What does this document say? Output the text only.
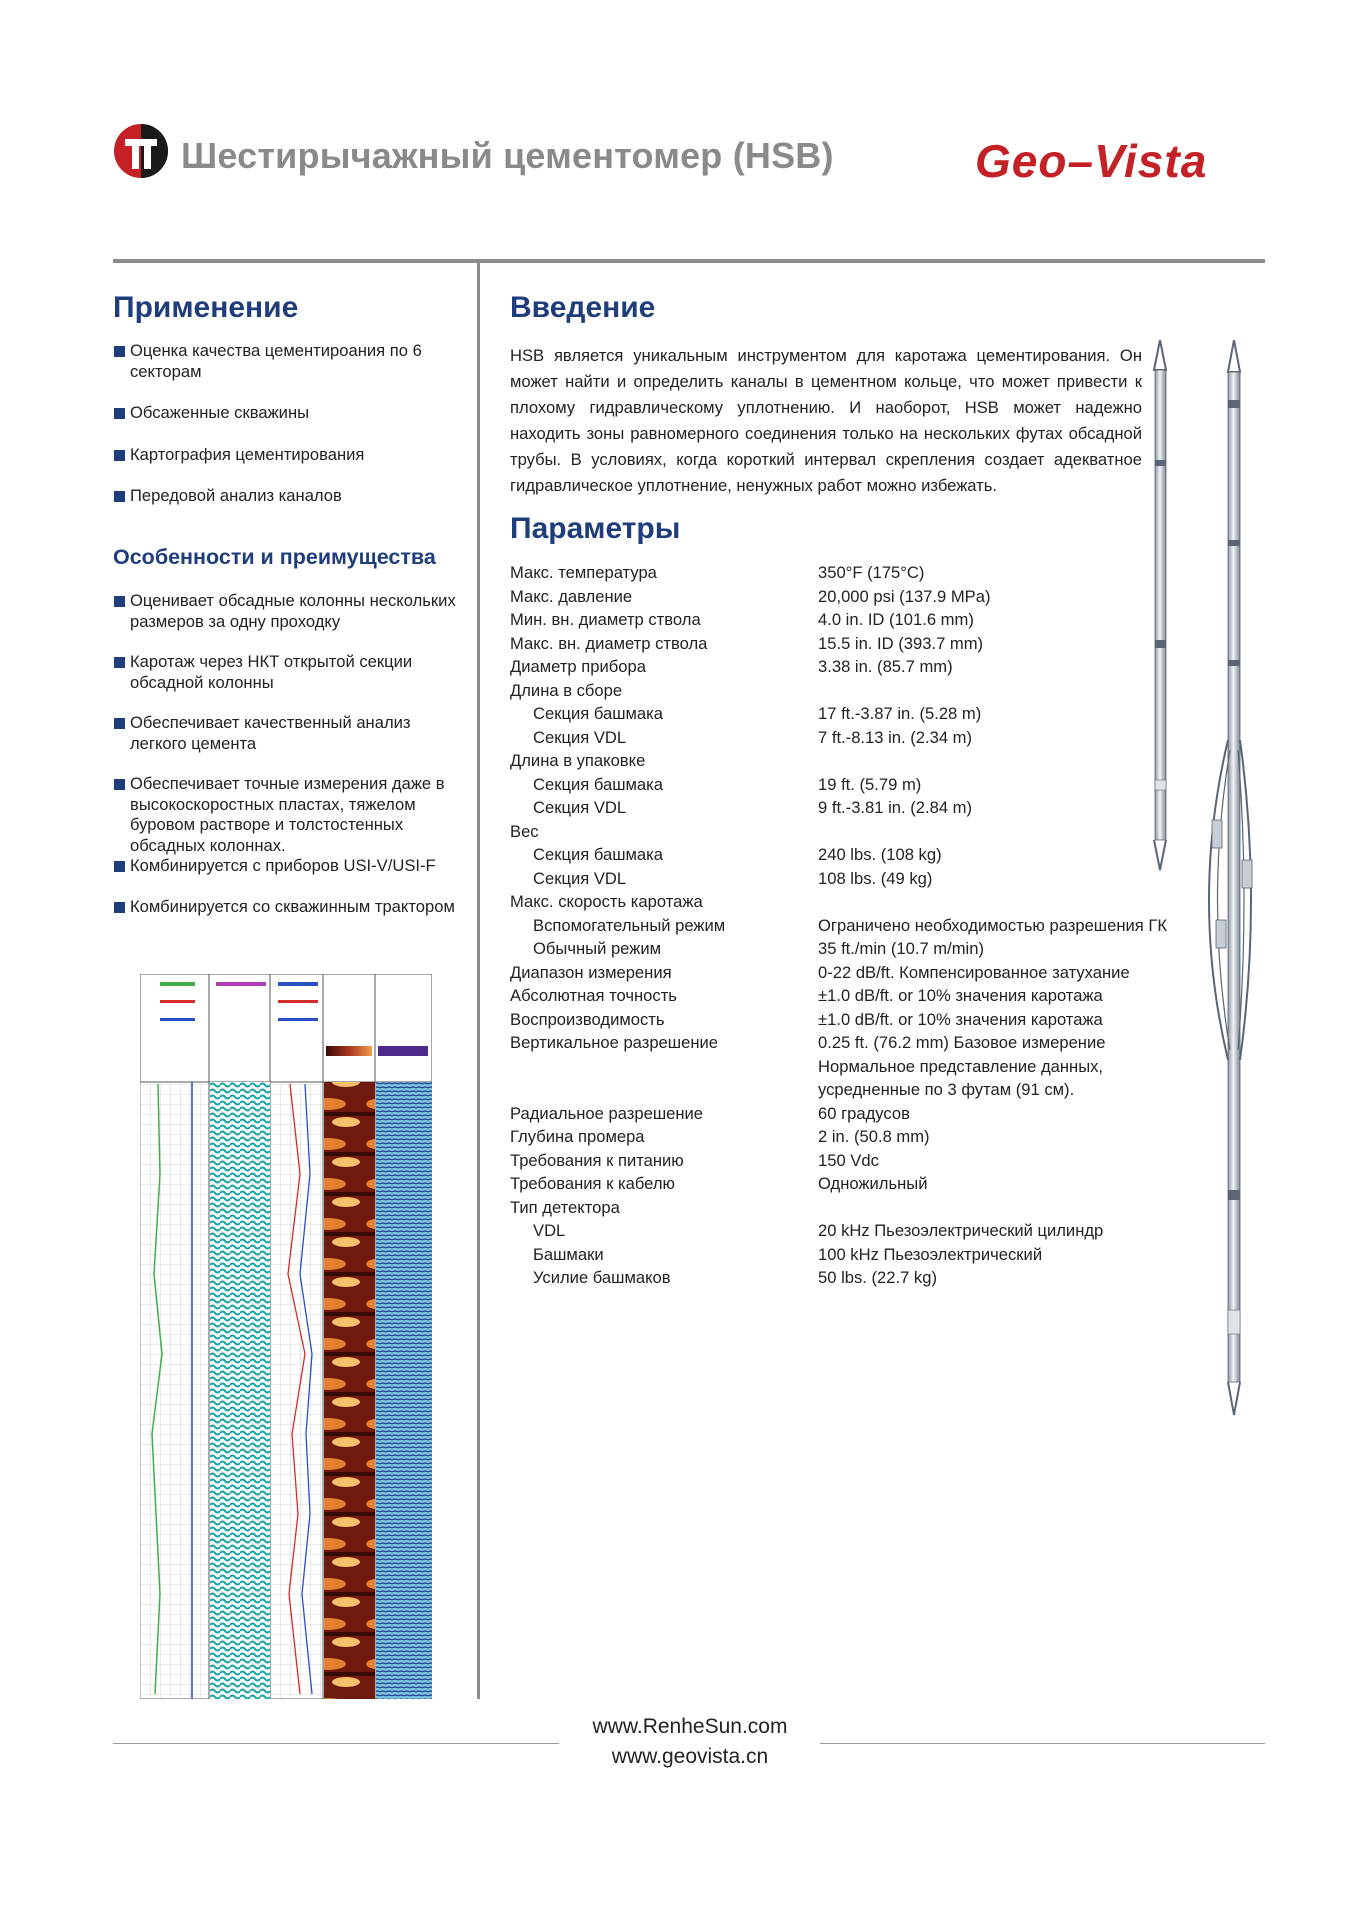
Шестирычажный цементомер (HSB)	Geo–Vista
Применение
Оценка качества цементироания по 6 секторам
Обсаженные скважины
Картография цементирования
Передовой анализ каналов
Особенности и преимущества
Оценивает обсадные колонны нескольких размеров за одну проходку
Каротаж через НКТ открытой секции обсадной колонны
Обеспечивает качественный анализ легкого цемента
Обеспечивает точные измерения даже в высокоскоростных пластах, тяжелом буровом растворе и толстостенных обсадных колоннах.
Комбинируется с приборов USI-V/USI-F
Комбинируется со скважинным трактором
Введение
HSB является уникальным инструментом для каротажа цементирования. Он может найти и определить каналы в цементном кольце, что может привести к плохому гидравлическому уплотнению. И наоборот, HSB может надежно находить зоны равномерного соединения только на нескольких футах обсадной трубы. В условиях, когда короткий интервал скрепления создает адекватное гидравлическое уплотнение, ненужных работ можно избежать.
Параметры
Макс. температура	350°F (175°C)
Макс. давление	20,000 psi (137.9 MPa)
Мин. вн. диаметр ствола	4.0 in. ID (101.6 mm)
Макс. вн. диаметр ствола	15.5 in. ID (393.7 mm)
Диаметр прибора	3.38 in. (85.7 mm)
Длина в сборе
Секция башмака	17 ft.-3.87 in. (5.28 m)
Секция VDL	7 ft.-8.13 in. (2.34 m)
Длина в упаковке
Секция башмака	19 ft. (5.79 m)
Секция VDL	9 ft.-3.81 in. (2.84 m)
Вес
Секция башмака	240 lbs. (108 kg)
Секция VDL	108 lbs. (49 kg)
Макс. скорость каротажа
Вспомогательный режим	Ограничено необходимостью разрешения ГК
Обычный режим	35 ft./min (10.7 m/min)
Диапазон измерения	0-22 dB/ft. Компенсированное затухание
Абсолютная точность	±1.0 dB/ft. or 10% значения каротажа
Воспроизводимость	±1.0 dB/ft. or 10% значения каротажа
Вертикальное разрешение	0.25 ft. (76.2 mm) Базовое измерение
Нормальное представление данных,
усредненные по 3 футам (91 см).
Радиальное разрешение	60 градусов
Глубина промера	2 in. (50.8 mm)
Требования к питанию	150 Vdc
Требования к кабелю	Одножильный
Тип детектора
VDL	20 kHz Пьезоэлектрический цилиндр
Башмаки	100 kHz Пьезоэлектрический
Усилие башмаков	50 lbs. (22.7 kg)
www.RenheSun.com
www.geovista.cn
